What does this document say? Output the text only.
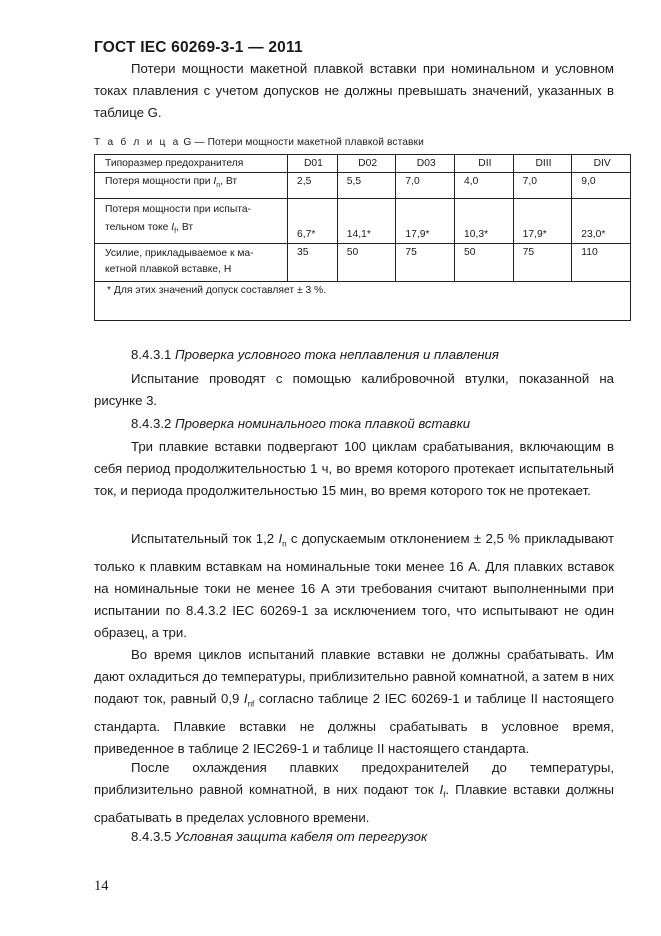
ГОСТ IEC 60269-3-1 — 2011

Потери мощности макетной плавкой вставки при номинальном и условном токах плавления с учетом допусков не должны превышать значений, указанных в таблице G.

Т а б л и ц а G — Потери мощности макетной плавкой вставки
Типоразмер предохранителя	D01	D02	D03	DII	DIII	DIV
Потеря мощности при $I_n$, Вт	2,5	5,5	7,0	4,0	7,0	9,0
Потеря мощности при испыта-
тельном токе $I_f$, Вт	6,7*	14,1*	17,9*	10,3*	17,9*	23,0*
Усилие, прикладываемое к ма-
кетной плавкой вставке, Н	35	50	75	50	75	110
* Для этих значений допуск составляет ± 3 %.						
8.4.3.1 Проверка условного тока неплавления и плавления

Испытание проводят с помощью калибровочной втулки, показанной на рисунке 3.

8.4.3.2 Проверка номинального тока плавкой вставки

Три плавкие вставки подвергают 100 циклам срабатывания, включающим в себя период продолжительностью 1 ч, во время которого протекает испытательный ток, и периода продолжительностью 15 мин, во время которого ток не протекает.

Испытательный ток 1,2 $I_n$ с допускаемым отклонением ± 2,5 % прикладывают только к плавким вставкам на номинальные токи менее 16 А. Для плавких вставок на номинальные токи не менее 16 А эти требования считают выполненными при испытании по 8.4.3.2 IEC 60269-1 за исключением того, что испытывают не один образец, а три.

Во время циклов испытаний плавкие вставки не должны срабатывать. Им дают охладиться до температуры, приблизительно равной комнатной, а затем в них подают ток, равный 0,9 $I_{nf}$ согласно таблице 2 IEC 60269-1 и таблице II настоящего стандарта. Плавкие вставки не должны срабатывать в условное время, приведенное в таблице 2 IEC269-1 и таблице II настоящего стандарта.

После охлаждения плавких предохранителей до температуры, приблизительно равной комнатной, в них подают ток $I_f$. Плавкие вставки должны срабатывать в пределах условного времени.

8.4.3.5 Условная защита кабеля от перегрузок
14
